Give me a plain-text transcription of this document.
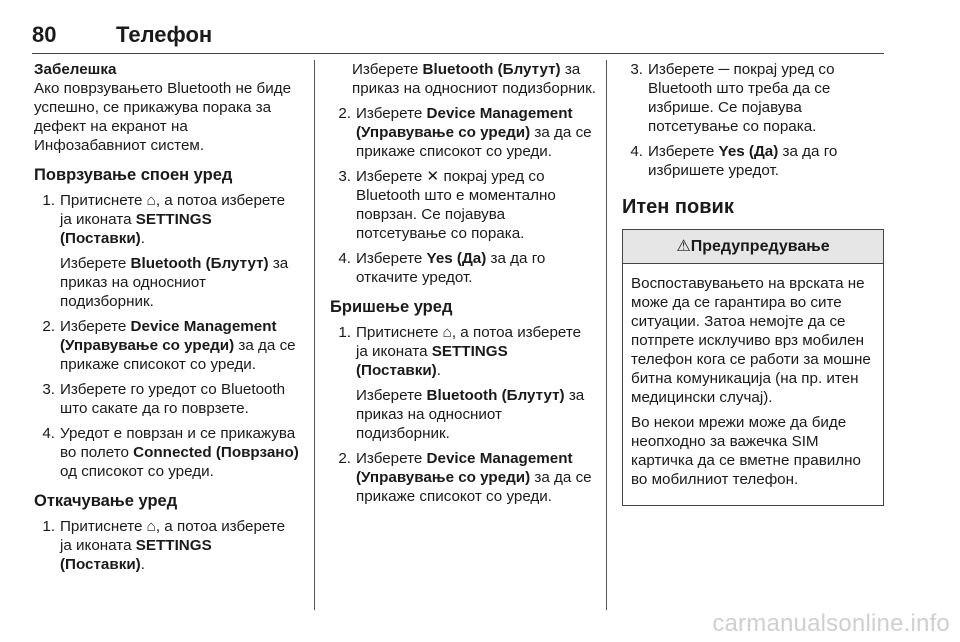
80	Телефон
Забелешка
Ако поврзувањето Bluetooth не биде успешно, се прикажува порака за дефект на екранот на Инфозабавниот систем.
Поврзување споен уред
1. Притиснете ⌂, а потоа изберете ја иконата SETTINGS (Поставки).
Изберете Bluetooth (Блутут) за приказ на односниот подизборник.
2. Изберете Device Management (Управување со уреди) за да се прикаже списокот со уреди.
3. Изберете го уредот со Bluetooth што сакате да го поврзете.
4. Уредот е поврзан и се прикажува во полето Connected (Поврзано) од списокот со уреди.
Откачување уред
1. Притиснете ⌂, а потоа изберете ја иконата SETTINGS (Поставки).
Изберете Bluetooth (Блутут) за приказ на односниот подизборник.
2. Изберете Device Management (Управување со уреди) за да се прикаже списокот со уреди.
3. Изберете ✕ покрај уред со Bluetooth што е моментално поврзан. Се појавува потсетување со порака.
4. Изберете Yes (Да) за да го откачите уредот.
Бришење уред
1. Притиснете ⌂, а потоа изберете ја иконата SETTINGS (Поставки).
Изберете Bluetooth (Блутут) за приказ на односниот подизборник.
2. Изберете Device Management (Управување со уреди) за да се прикаже списокот со уреди.
3. Изберете ─ покрај уред со Bluetooth што треба да се избрише. Се појавува потсетување со порака.
4. Изберете Yes (Да) за да го избришете уредот.
Итен повик
⚠Предупредување

Воспоставувањето на врската не може да се гарантира во сите ситуации. Затоа немојте да се потпрете исклучиво врз мобилен телефон кога се работи за мошне битна комуникација (на пр. итен медицински случај).

Во некои мрежи може да биде неопходно за важечка SIM картичка да се вметне правилно во мобилниот телефон.

carmanualsonline.info
